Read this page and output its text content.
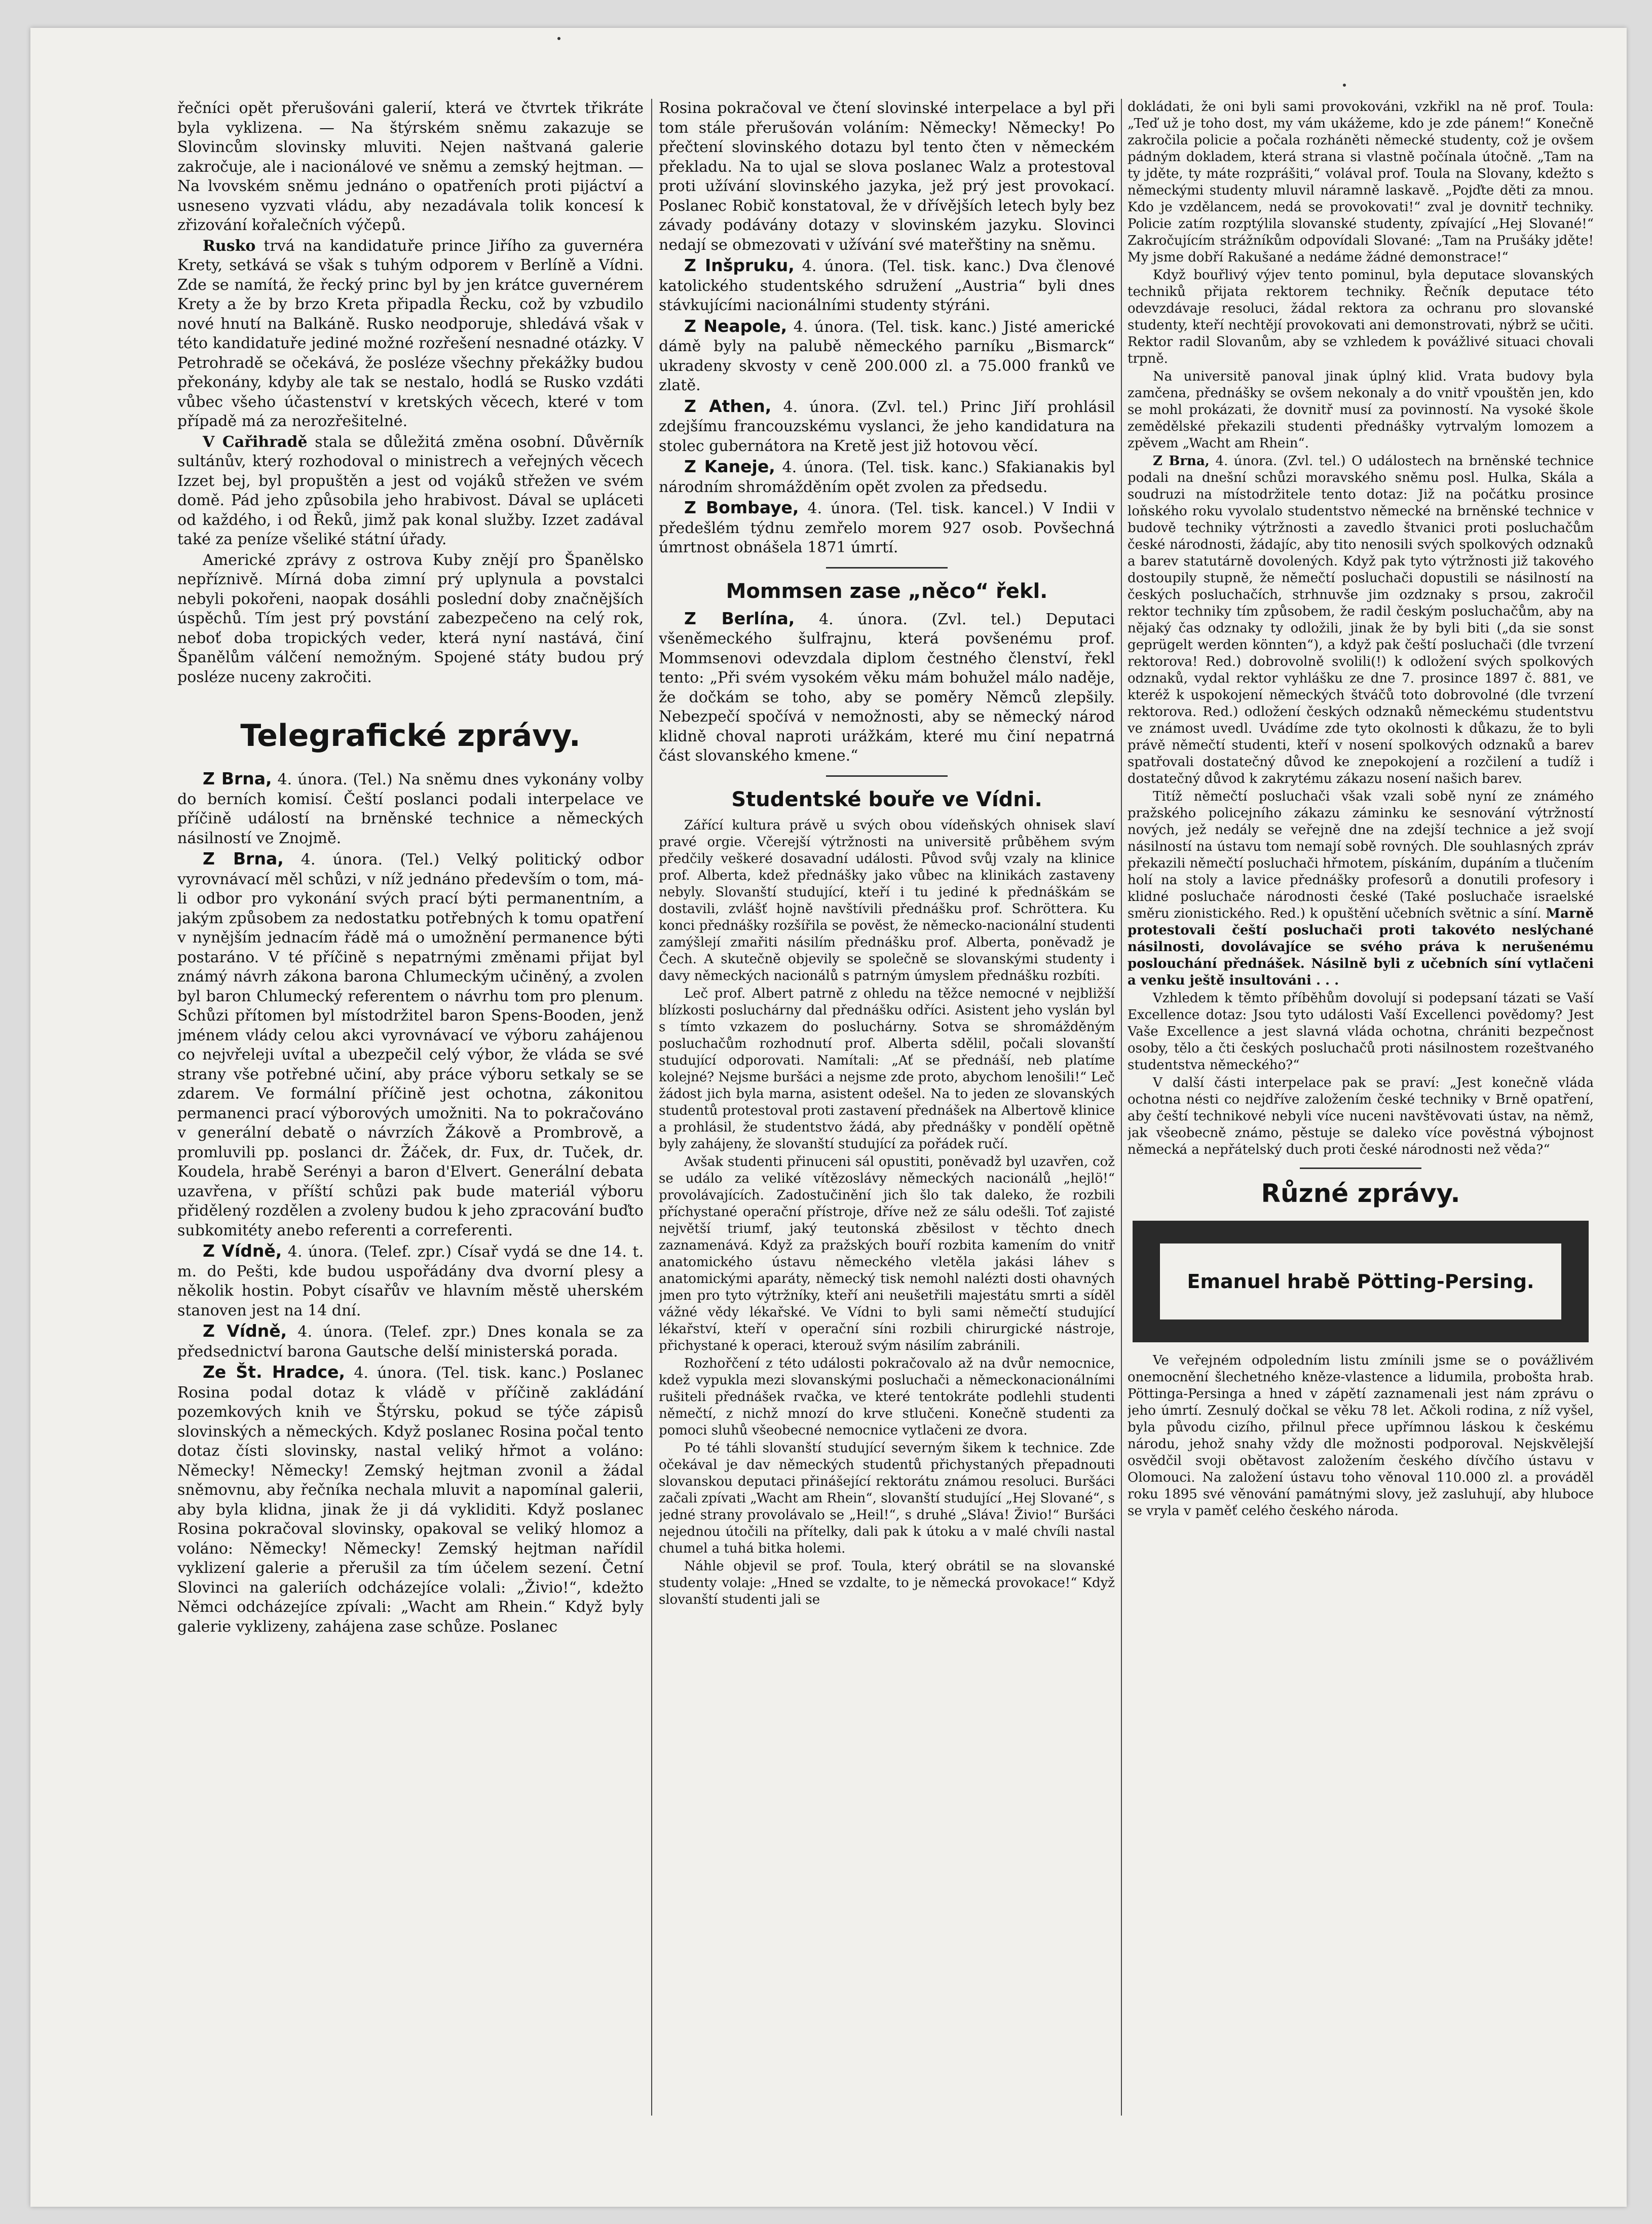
řečníci opět přerušováni galerií, která ve čtvrtek třikráte byla vyklizena. — Na štýrském sněmu zakazuje se Slovincům slovinsky mluviti. Nejen naštvaná galerie zakročuje, ale i nacionálové ve sněmu a zemský hejtman. — Na lvovském sněmu jednáno o opatřeních proti pijáctví a usneseno vyzvati vládu, aby nezadávala tolik koncesí k zřizování kořalečních výčepů.

Rusko trvá na kandidatuře prince Jiřího za guvernéra Krety, setkává se však s tuhým odporem v Berlíně a Vídni. Zde se namítá, že řecký princ byl by jen krátce guvernérem Krety a že by brzo Kreta připadla Řecku, což by vzbudilo nové hnutí na Balkáně. Rusko neodporuje, shledává však v této kandidatuře jediné možné rozřešení nesnadné otázky. V Petrohradě se očekává, že posléze všechny překážky budou překonány, kdyby ale tak se nestalo, hodlá se Rusko vzdáti vůbec všeho účastenství v kretských věcech, které v tom případě má za nerozřešitelné.

V Cařihradě stala se důležitá změna osobní. Důvěrník sultánův, který rozhodoval o ministrech a veřejných věcech Izzet bej, byl propuštěn a jest od vojáků střežen ve svém domě. Pád jeho způsobila jeho hrabivost. Dával se upláceti od každého, i od Řeků, jimž pak konal služby. Izzet zadával také za peníze všeliké státní úřady.

Americké zprávy z ostrova Kuby znějí pro Španělsko nepříznivě. Mírná doba zimní prý uplynula a povstalci nebyli pokořeni, naopak dosáhli poslední doby značnějších úspěchů. Tím jest prý povstání zabezpečeno na celý rok, neboť doba tropických veder, která nyní nastává, činí Španělům válčení nemožným. Spojené státy budou prý posléze nuceny zakročiti.

Telegrafické zprávy.

Z Brna, 4. února. (Tel.) Na sněmu dnes vykonány volby do berních komisí. Čeští poslanci podali interpelace ve příčině událostí na brněnské technice a německých násilností ve Znojmě.

Z Brna, 4. února. (Tel.) Velký politický odbor vyrovnávací měl schůzi, v níž jednáno především o tom, má-li odbor pro vykonání svých prací býti permanentním, a jakým způsobem za nedostatku potřebných k tomu opatření v nynějším jednacím řádě má o umožnění permanence býti postaráno. V té příčině s nepatrnými změnami přijat byl známý návrh zákona barona Chlumeckým učiněný, a zvolen byl baron Chlumecký referentem o návrhu tom pro plenum. Schůzi přítomen byl místodržitel baron Spens-Booden, jenž jménem vlády celou akci vyrovnávací ve výboru zahájenou co nejvřeleji uvítal a ubezpečil celý výbor, že vláda se své strany vše potřebné učiní, aby práce výboru setkaly se se zdarem. Ve formální příčině jest ochotna, zákonitou permanenci prací výborových umožniti. Na to pokračováno v generální debatě o návrzích Žákově a Prombrově, a promluvili pp. poslanci dr. Žáček, dr. Fux, dr. Tuček, dr. Koudela, hrabě Serényi a baron d'Elvert. Generální debata uzavřena, v příští schůzi pak bude materiál výboru přidělený rozdělen a zvoleny budou k jeho zpracování buďto subkomitéty anebo referenti a correferenti.

Z Vídně, 4. února. (Telef. zpr.) Císař vydá se dne 14. t. m. do Pešti, kde budou uspořádány dva dvorní plesy a několik hostin. Pobyt císařův ve hlavním městě uherském stanoven jest na 14 dní.

Z Vídně, 4. února. (Telef. zpr.) Dnes konala se za předsednictví barona Gautsche delší ministerská porada.

Ze Št. Hradce, 4. února. (Tel. tisk. kanc.) Poslanec Rosina podal dotaz k vládě v příčině zakládání pozemkových knih ve Štýrsku, pokud se týče zápisů slovinských a německých. Když poslanec Rosina počal tento dotaz čísti slovinsky, nastal veliký hřmot a voláno: Německy! Německy! Zemský hejtman zvonil a žádal sněmovnu, aby řečníka nechala mluvit a napomínal galerii, aby byla klidna, jinak že ji dá vykliditi. Když poslanec Rosina pokračoval slovinsky, opakoval se veliký hlomoz a voláno: Německy! Německy! Zemský hejtman nařídil vyklizení galerie a přerušil za tím účelem sezení. Četní Slovinci na galeriích odcházejíce volali: „Živio!“, kdežto Němci odcházejíce zpívali: „Wacht am Rhein.“ Když byly galerie vyklizeny, zahájena zase schůze. Poslanec

Rosina pokračoval ve čtení slovinské interpelace a byl při tom stále přerušován voláním: Německy! Německy! Po přečtení slovinského dotazu byl tento čten v německém překladu. Na to ujal se slova poslanec Walz a protestoval proti užívání slovinského jazyka, jež prý jest provokací. Poslanec Robič konstatoval, že v dřívějších letech byly bez závady podávány dotazy v slovinském jazyku. Slovinci nedají se obmezovati v užívání své mateřštiny na sněmu.

Z Inšpruku, 4. února. (Tel. tisk. kanc.) Dva členové katolického studentského sdružení „Austria“ byli dnes stávkujícími nacionálními studenty stýráni.

Z Neapole, 4. února. (Tel. tisk. kanc.) Jisté americké dámě byly na palubě německého parníku „Bismarck“ ukradeny skvosty v ceně 200.000 zl. a 75.000 franků ve zlatě.

Z Athen, 4. února. (Zvl. tel.) Princ Jiří prohlásil zdejšímu francouzskému vyslanci, že jeho kandidatura na stolec gubernátora na Kretě jest již hotovou věcí.

Z Kaneje, 4. února. (Tel. tisk. kanc.) Sfakianakis byl národním shromážděním opět zvolen za předsedu.

Z Bombaye, 4. února. (Tel. tisk. kancel.) V Indii v předešlém týdnu zemřelo morem 927 osob. Povšechná úmrtnost obnášela 1871 úmrtí.

Mommsen zase „něco“ řekl.

Z Berlína, 4. února. (Zvl. tel.) Deputaci všeněmeckého šulfrajnu, která povšenému prof. Mommsenovi odevzdala diplom čestného členství, řekl tento: „Při svém vysokém věku mám bohužel málo naděje, že dočkám se toho, aby se poměry Němců zlepšily. Nebezpečí spočívá v nemožnosti, aby se německý národ klidně choval naproti urážkám, které mu činí nepatrná část slovanského kmene.“

Studentské bouře ve Vídni.

Zářící kultura právě u svých obou vídeňských ohnisek slaví pravé orgie. Včerejší výtržnosti na universitě průběhem svým předčily veškeré dosavadní události. Původ svůj vzaly na klinice prof. Alberta, kdež přednášky jako vůbec na klinikách zastaveny nebyly. Slovanští studující, kteří i tu jediné k přednáškám se dostavili, zvlášť hojně navštívili přednášku prof. Schröttera. Ku konci přednášky rozšířila se pověst, že německo-nacionální studenti zamýšlejí zmařiti násilím přednášku prof. Alberta, poněvadž je Čech. A skutečně objevily se společně se slovanskými studenty i davy německých nacionálů s patrným úmyslem přednášku rozbíti.

Leč prof. Albert patrně z ohledu na těžce nemocné v nejbližší blízkosti posluchárny dal přednášku odříci. Asistent jeho vyslán byl s tímto vzkazem do posluchárny. Sotva se shromážděným posluchačům rozhodnutí prof. Alberta sdělil, počali slovanští studující odporovati. Namítali: „Ať se přednáší, neb platíme kolejné? Nejsme buršáci a nejsme zde proto, abychom lenošili!“ Leč žádost jich byla marna, asistent odešel. Na to jeden ze slovanských studentů protestoval proti zastavení přednášek na Albertově klinice a prohlásil, že studentstvo žádá, aby přednášky v pondělí opětně byly zahájeny, že slovanští studující za pořádek ručí.

Avšak studenti přinuceni sál opustiti, poněvadž byl uzavřen, což se událo za veliké vítězoslávy německých nacionálů „hejlö!“ provolávajících. Zadostučinění jich šlo tak daleko, že rozbili příchystané operační přístroje, dříve než ze sálu odešli. Toť zajisté největší triumf, jaký teutonská zběsilost v těchto dnech zaznamenává. Když za pražských bouří rozbita kamením do vnitř anatomického ústavu německého vletěla jakási láhev s anatomickými aparáty, německý tisk nemohl nalézti dosti ohavných jmen pro tyto výtržníky, kteří ani neušetřili majestátu smrti a síděl vážné vědy lékařské. Ve Vídni to byli sami němečtí studující lékařství, kteří v operační síni rozbili chirurgické nástroje, přichystané k operaci, kterouž svým násilím zabránili.

Rozhořčení z této události pokračovalo až na dvůr nemocnice, kdež vypukla mezi slovanskými posluchači a německonacionálními rušiteli přednášek rvačka, ve které tentokráte podlehli studenti němečtí, z nichž mnozí do krve stlučeni. Konečně studenti za pomoci sluhů všeobecné nemocnice vytlačeni ze dvora.

Po té táhli slovanští studující severným šikem k technice. Zde očekával je dav německých studentů přichystaných přepadnouti slovanskou deputaci přinášející rektorátu známou resoluci. Buršáci začali zpívati „Wacht am Rhein“, slovanští studující „Hej Slované“, s jedné strany provolávalo se „Heil!“, s druhé „Sláva! Živio!“ Buršáci nejednou útočili na přítelky, dali pak k útoku a v malé chvíli nastal chumel a tuhá bitka holemi.

Náhle objevil se prof. Toula, který obrátil se na slovanské studenty volaje: „Hned se vzdalte, to je německá provokace!“ Když slovanští studenti jali se

dokládati, že oni byli sami provokováni, vzkřikl na ně prof. Toula: „Teď už je toho dost, my vám ukážeme, kdo je zde pánem!“ Konečně zakročila policie a počala rozháněti německé studenty, což je ovšem pádným dokladem, která strana si vlastně počínala útočně. „Tam na ty jděte, ty máte rozprášiti,“ volával prof. Toula na Slovany, kdežto s německými studenty mluvil náramně laskavě. „Pojďte děti za mnou. Kdo je vzdělancem, nedá se provokovati!“ zval je dovnitř techniky. Policie zatím rozptýlila slovanské studenty, zpívající „Hej Slované!“ Zakročujícím strážníkům odpovídali Slované: „Tam na Prušáky jděte! My jsme dobří Rakušané a nedáme žádné demonstrace!“

Když bouřlivý výjev tento pominul, byla deputace slovanských techniků přijata rektorem techniky. Řečník deputace této odevzdávaje resoluci, žádal rektora za ochranu pro slovanské studenty, kteří nechtějí provokovati ani demonstrovati, nýbrž se učiti. Rektor radil Slovanům, aby se vzhledem k povážlivé situaci chovali trpně.

Na universitě panoval jinak úplný klid. Vrata budovy byla zamčena, přednášky se ovšem nekonaly a do vnitř vpouštěn jen, kdo se mohl prokázati, že dovnitř musí za povinností. Na vysoké škole zemědělské překazili studenti přednášky vytrvalým lomozem a zpěvem „Wacht am Rhein“.

Z Brna, 4. února. (Zvl. tel.) O událostech na brněnské technice podali na dnešní schůzi moravského sněmu posl. Hulka, Skála a soudruzi na místodržitele tento dotaz: Již na počátku prosince loňského roku vyvolalo studentstvo německé na brněnské technice v budově techniky výtržnosti a zavedlo štvanici proti posluchačům české národnosti, žádajíc, aby tito nenosili svých spolkových odznaků a barev statutárně dovolených. Když pak tyto výtržnosti již takového dostoupily stupně, že němečtí posluchači dopustili se násilností na českých posluchačích, strhnuvše jim ozdznaky s prsou, zakročil rektor techniky tím způsobem, že radil českým posluchačům, aby na nějaký čas odznaky ty odložili, jinak že by byli biti („da sie sonst geprügelt werden könnten“), a když pak čeští posluchači (dle tvrzení rektorova! Red.) dobrovolně svolili(!) k odložení svých spolkových odznaků, vydal rektor vyhlášku ze dne 7. prosince 1897 č. 881, ve kteréž k uspokojení německých štváčů toto dobrovolné (dle tvrzení rektorova. Red.) odložení českých odznaků německému studentstvu ve známost uvedl. Uvádíme zde tyto okolnosti k důkazu, že to byli právě němečtí studenti, kteří v nosení spolkových odznaků a barev spatřovali dostatečný důvod ke znepokojení a rozčilení a tudíž i dostatečný důvod k zakrytému zákazu nosení našich barev.

Titíž němečtí posluchači však vzali sobě nyní ze známého pražského policejního zákazu záminku ke sesnování výtržností nových, jež nedály se veřejně dne na zdejší technice a jež svojí násilností na ústavu tom nemají sobě rovných. Dle souhlasných zpráv překazili němečtí posluchači hřmotem, pískáním, dupáním a tlučením holí na stoly a lavice přednášky profesorů a donutili profesory i klidné posluchače národnosti české (Také posluchače israelské směru zionistického. Red.) k opuštění učebních světnic a síní. Marně protestovali čeští posluchači proti takovéto neslýchané násilnosti, dovolávajíce se svého práva k nerušenému poslouchání přednášek. Násilně byli z učebních síní vytlačeni a venku ještě insultováni . . .

Vzhledem k těmto příběhům dovolují si podepsaní tázati se Vaší Excellence dotaz: Jsou tyto události Vaší Excellenci povědomy? Jest Vaše Excellence a jest slavná vláda ochotna, chrániti bezpečnost osoby, tělo a čti českých posluchačů proti násilnostem rozeštvaného studentstva německého?“

V další části interpelace pak se praví: „Jest konečně vláda ochotna nésti co nejdříve založením české techniky v Brně opatření, aby čeští technikové nebyli více nuceni navštěvovati ústav, na němž, jak všeobecně známo, pěstuje se daleko více pověstná výbojnost německá a nepřátelský duch proti české národnosti než věda?“

Různé zprávy.
Emanuel hrabě Pötting-Persing.

Ve veřejném odpoledním listu zmínili jsme se o povážlivém onemocnění šlechetného kněze-vlastence a lidumila, probošta hrab. Pöttinga-Persinga a hned v zápětí zaznamenali jest nám zprávu o jeho úmrtí. Zesnulý dočkal se věku 78 let. Ačkoli rodina, z níž vyšel, byla původu cizího, přilnul přece upřímnou láskou k českému národu, jehož snahy vždy dle možnosti podporoval. Nejskvělejší osvědčil svoji obětavost založením českého dívčího ústavu v Olomouci. Na založení ústavu toho věnoval 110.000 zl. a prováděl roku 1895 své věnování památnými slovy, jež zasluhují, aby hluboce se vryla v paměť celého českého národa.
